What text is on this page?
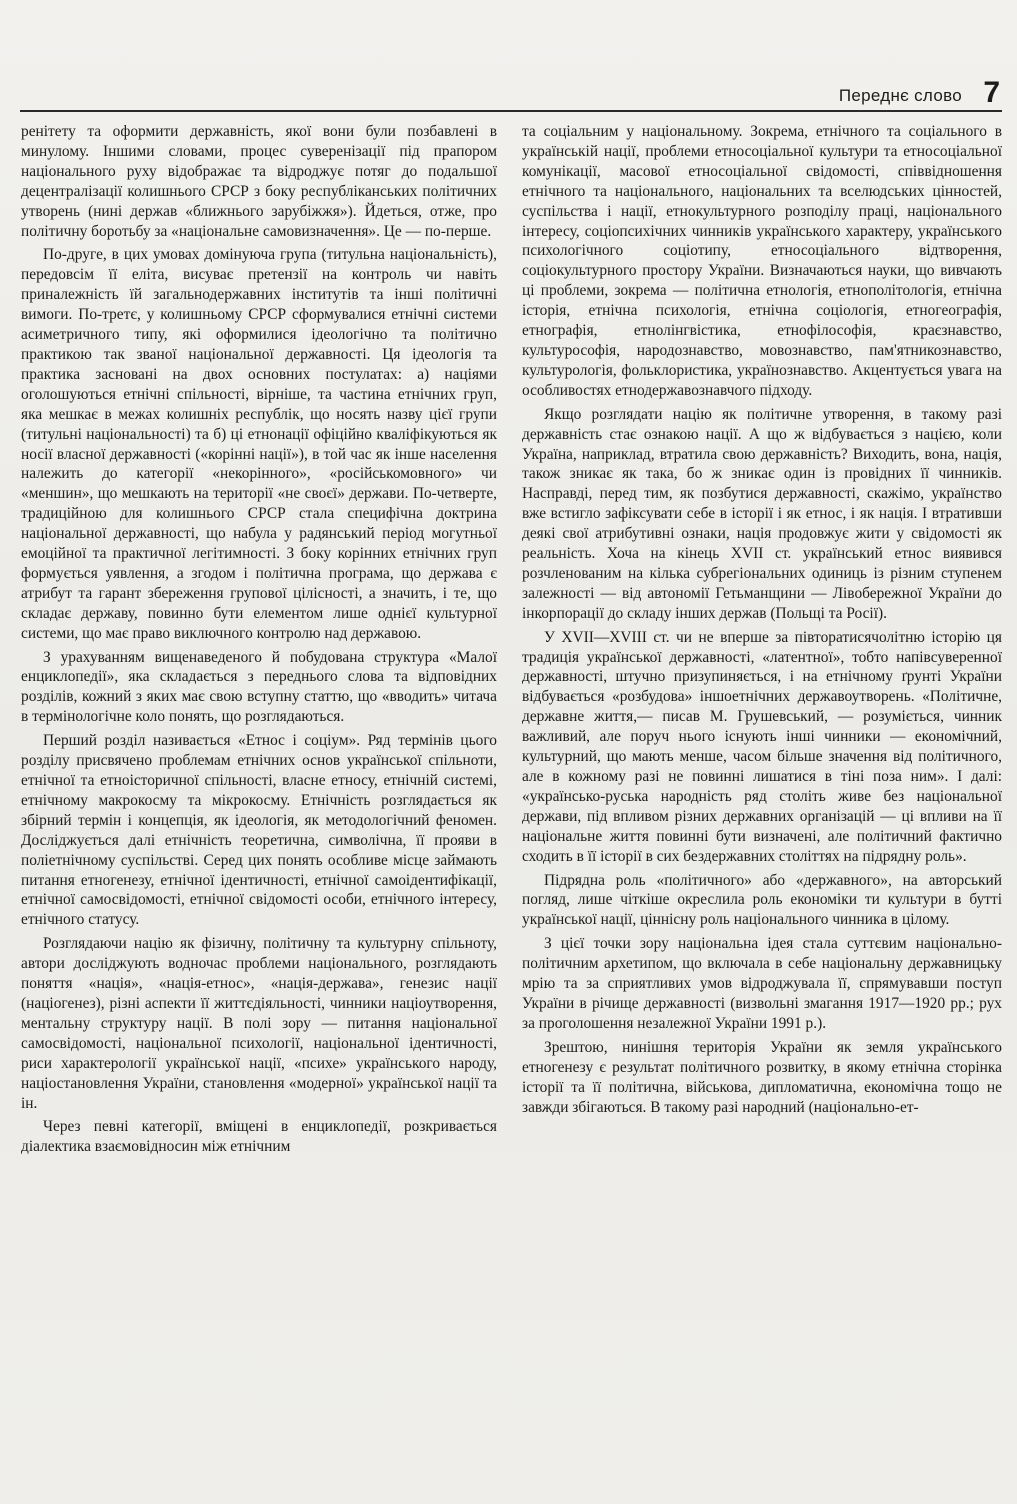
Переднє слово 7

ренітету та оформити державність, якої вони були позбавлені в минулому. Іншими словами, процес суверенізації під прапором національного руху відображає та відроджує потяг до подальшої децентралізації колишнього СРСР з боку республіканських політичних утворень (нині держав «ближнього зарубіжжя»). Йдеться, отже, про політичну боротьбу за «національне самовизначення». Це — по-перше.

По-друге, в цих умовах домінуюча група (титульна національність), передовсім її еліта, висуває претензії на контроль чи навіть приналежність їй загальнодержавних інститутів та інші політичні вимоги. По-третє, у колишньому СРСР сформувалися етнічні системи асиметричного типу, які оформилися ідеологічно та політично практикою так званої національної державності. Ця ідеологія та практика засновані на двох основних постулатах: а) націями оголошуються етнічні спільності, вірніше, та частина етнічних груп, яка мешкає в межах колишніх республік, що носять назву цієї групи (титульні національності) та б) ці етнонації офіційно кваліфікуються як носії власної державності («корінні нації»), в той час як інше населення належить до категорії «некорінного», «російськомовного» чи «меншин», що мешкають на території «не своєї» держави. По-четверте, традиційною для колишнього СРСР стала специфічна доктрина національної державності, що набула у радянський період могутньої емоційної та практичної легітимності. З боку корінних етнічних груп формується уявлення, а згодом і політична програма, що держава є атрибут та гарант збереження групової цілісності, а значить, і те, що складає державу, повинно бути елементом лише однієї культурної системи, що має право виключного контролю над державою.

З урахуванням вищенаведеного й побудована структура «Малої енциклопедії», яка складається з переднього слова та відповідних розділів, кожний з яких має свою вступну статтю, що «вводить» читача в термінологічне коло понять, що розглядаються.

Перший розділ називається «Етнос і соціум». Ряд термінів цього розділу присвячено проблемам етнічних основ української спільноти, етнічної та етноісторичної спільності, власне етносу, етнічній системі, етнічному макрокосму та мікрокосму. Етнічність розглядається як збірний термін і концепція, як ідеологія, як методологічний феномен. Досліджується далі етнічність теоретична, символічна, її прояви в поліетнічному суспільстві. Серед цих понять особливе місце займають питання етногенезу, етнічної ідентичності, етнічної самоідентифікації, етнічної самосвідомості, етнічної свідомості особи, етнічного інтересу, етнічного статусу.

Розглядаючи націю як фізичну, політичну та культурну спільноту, автори досліджують водночас проблеми національного, розглядають поняття «нація», «нація-етнос», «нація-держава», генезис нації (націогенез), різні аспекти її життєдіяльності, чинники націоутворення, ментальну структуру нації. В полі зору — питання національної самосвідомості, національної психології, національної ідентичності, риси характерології української нації, «психе» українського народу, націостановлення України, становлення «модерної» української нації та ін.

Через певні категорії, вміщені в енциклопедії, розкривається діалектика взаємовідносин між етнічним

та соціальним у національному. Зокрема, етнічного та соціального в українській нації, проблеми етносоціальної культури та етносоціальної комунікації, масової етносоціальної свідомості, співвідношення етнічного та національного, національних та вселюдських цінностей, суспільства і нації, етнокультурного розподілу праці, національного інтересу, соціопсихічних чинників українського характеру, українського психологічного соціотипу, етносоціального відтворення, соціокультурного простору України. Визначаються науки, що вивчають ці проблеми, зокрема — політична етнологія, етнополітологія, етнічна історія, етнічна психологія, етнічна соціологія, етногеографія, етнографія, етнолінгвістика, етнофілософія, краєзнавство, культурософія, народознавство, мовознавство, пам'ятникознавство, культурологія, фольклористика, українознавство. Акцентується увага на особливостях етнодержавознавчого підходу.

Якщо розглядати націю як політичне утворення, в такому разі державність стає ознакою нації. А що ж відбувається з нацією, коли Україна, наприклад, втратила свою державність? Виходить, вона, нація, також зникає як така, бо ж зникає один із провідних її чинників. Насправді, перед тим, як позбутися державності, скажімо, українство вже встигло зафіксувати себе в історії і як етнос, і як нація. І втративши деякі свої атрибутивні ознаки, нація продовжує жити у свідомості як реальність. Хоча на кінець XVII ст. український етнос виявився розчленованим на кілька субрегіональних одиниць із різним ступенем залежності — від автономії Гетьманщини — Лівобережної України до інкорпорації до складу інших держав (Польщі та Росії).

У XVII—XVIII ст. чи не вперше за півтоpатисячолітню історію ця традиція української державності, «латентної», тобто напівсуверенної державності, штучно призупиняється, і на етнічному ґрунті України відбувається «розбудова» іншоетнічних державоутворень. «Політичне, державне життя,— писав М. Грушевський, — розуміється, чинник важливий, але поруч нього існують інші чинники — економічний, культурний, що мають менше, часом більше значення від політичного, але в кожному разі не повинні лишатися в тіні поза ним». І далі: «українсько-руська народність ряд століть живе без національної держави, під впливом різних державних організацій — ці впливи на її національне життя повинні бути визначені, але політичний фактично сходить в її історії в сих бездержавних століттях на підрядну роль».

Підрядна роль «політичного» або «державного», на авторський погляд, лише чіткіше окреслила роль економіки ти культури в бутті української нації, ціннісну роль національного чинника в цілому.

З цієї точки зору національна ідея стала суттєвим національно-політичним архетипом, що включала в себе національну державницьку мрію та за сприятливих умов відроджувала її, спрямувавши поступ України в річище державності (визвольні змагання 1917—1920 рр.; рух за проголошення незалежної України 1991 р.).

Зрештою, нинішня територія України як земля українського етногенезу є результат політичного розвитку, в якому етнічна сторінка історії та її політична, військова, дипломатична, економічна тощо не завжди збігаються. В такому разі народний (національно-ет-
